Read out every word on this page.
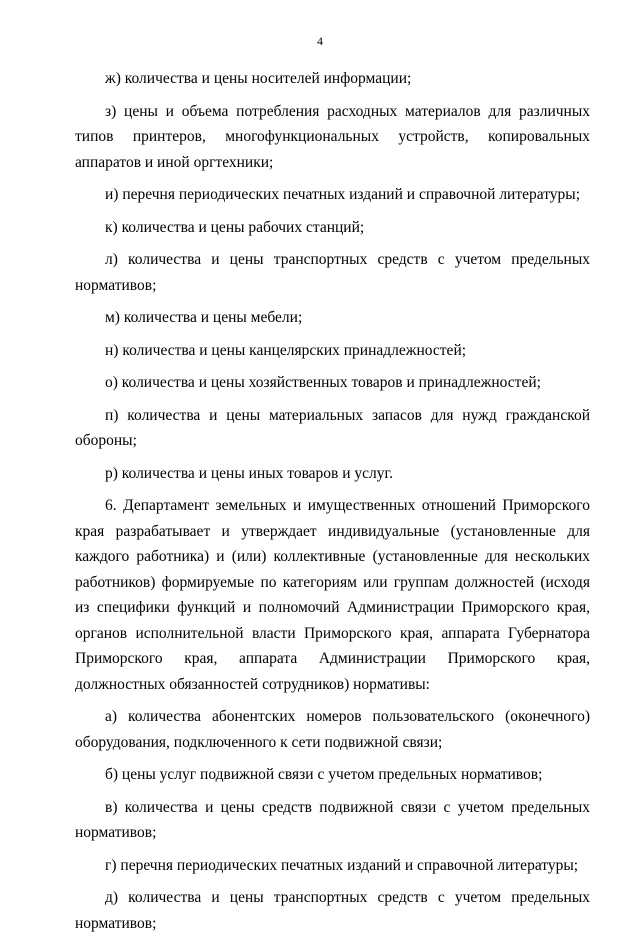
4

ж) количества и цены носителей информации;

з) цены и объема потребления расходных материалов для различных типов принтеров, многофункциональных устройств, копировальных аппаратов и иной оргтехники;

и) перечня периодических печатных изданий и справочной литературы;

к) количества и цены рабочих станций;

л) количества и цены транспортных средств с учетом предельных нормативов;

м) количества и цены мебели;

н) количества и цены канцелярских принадлежностей;

о) количества и цены хозяйственных товаров и принадлежностей;

п) количества и цены материальных запасов для нужд гражданской обороны;

р) количества и цены иных товаров и услуг.

6. Департамент земельных и имущественных отношений Приморского края разрабатывает и утверждает индивидуальные (установленные для каждого работника) и (или) коллективные (установленные для нескольких работников) формируемые по категориям или группам должностей (исходя из специфики функций и полномочий Администрации Приморского края, органов исполнительной власти Приморского края, аппарата Губернатора Приморского края, аппарата Администрации Приморского края, должностных обязанностей сотрудников) нормативы:

а) количества абонентских номеров пользовательского (оконечного) оборудования, подключенного к сети подвижной связи;

б) цены услуг подвижной связи с учетом предельных нормативов;

в) количества и цены средств подвижной связи с учетом предельных нормативов;

г) перечня периодических печатных изданий и справочной литературы;

д) количества и цены транспортных средств с учетом предельных нормативов;
